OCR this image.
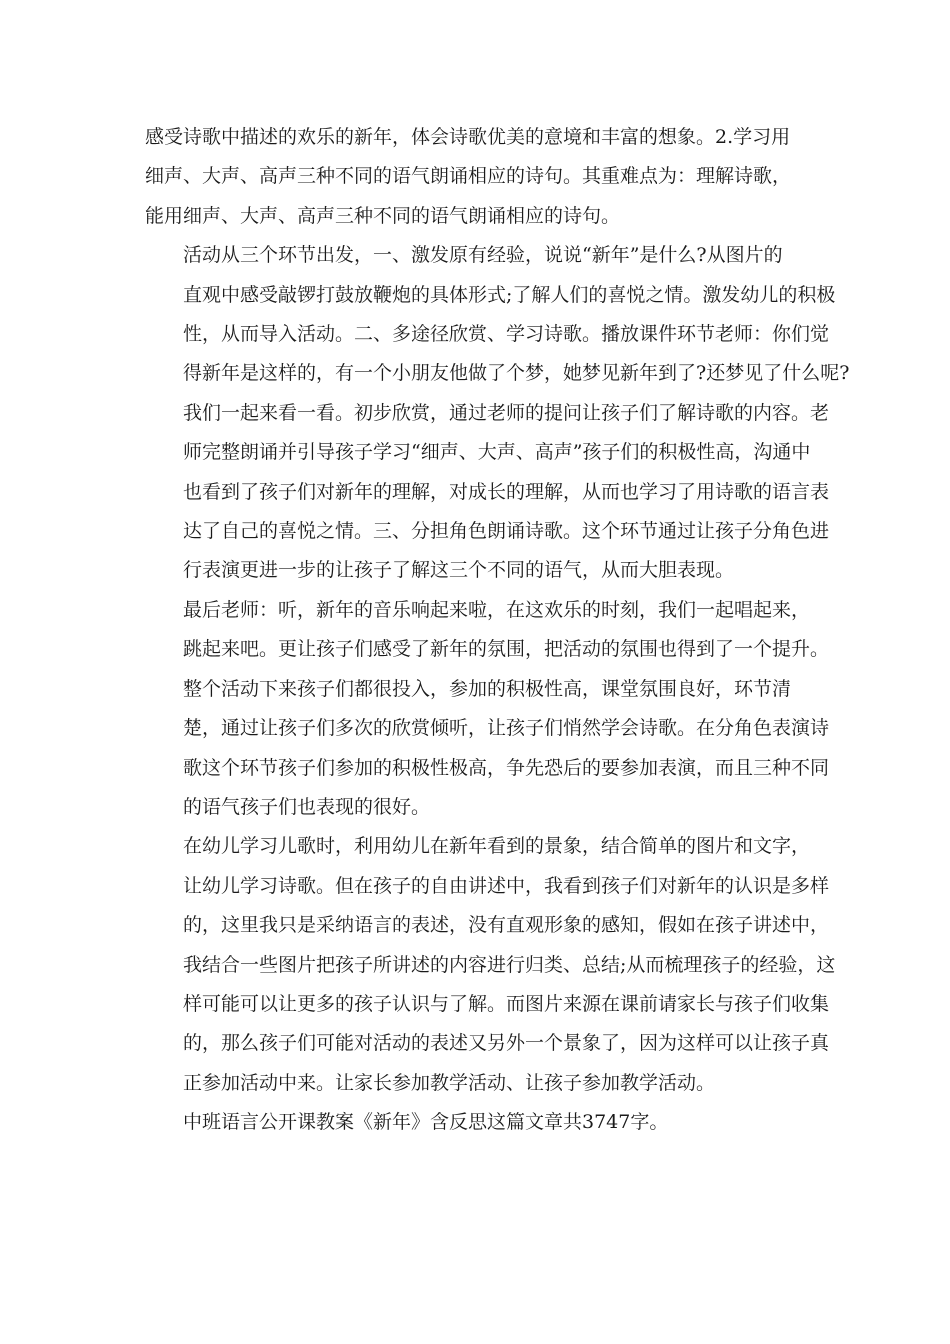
感受诗歌中描述的欢乐的新年，体会诗歌优美的意境和丰富的想象。2.学习用
细声、大声、高声三种不同的语气朗诵相应的诗句。其重难点为：理解诗歌，
能用细声、大声、高声三种不同的语气朗诵相应的诗句。

活动从三个环节出发，一、激发原有经验，说说“新年”是什么?从图片的
直观中感受敲锣打鼓放鞭炮的具体形式;了解人们的喜悦之情。激发幼儿的积极
性，从而导入活动。二、多途径欣赏、学习诗歌。播放课件环节老师：你们觉
得新年是这样的，有一个小朋友他做了个梦，她梦见新年到了?还梦见了什么呢?
我们一起来看一看。初步欣赏，通过老师的提问让孩子们了解诗歌的内容。老
师完整朗诵并引导孩子学习“细声、大声、高声”孩子们的积极性高，沟通中
也看到了孩子们对新年的理解，对成长的理解，从而也学习了用诗歌的语言表
达了自己的喜悦之情。三、分担角色朗诵诗歌。这个环节通过让孩子分角色进
行表演更进一步的让孩子了解这三个不同的语气，从而大胆表现。

最后老师：听，新年的音乐响起来啦，在这欢乐的时刻，我们一起唱起来，
跳起来吧。更让孩子们感受了新年的氛围，把活动的氛围也得到了一个提升。

整个活动下来孩子们都很投入，参加的积极性高，课堂氛围良好，环节清
楚，通过让孩子们多次的欣赏倾听，让孩子们悄然学会诗歌。在分角色表演诗
歌这个环节孩子们参加的积极性极高，争先恐后的要参加表演，而且三种不同
的语气孩子们也表现的很好。

在幼儿学习儿歌时，利用幼儿在新年看到的景象，结合简单的图片和文字，
让幼儿学习诗歌。但在孩子的自由讲述中，我看到孩子们对新年的认识是多样
的，这里我只是采纳语言的表述，没有直观形象的感知，假如在孩子讲述中，
我结合一些图片把孩子所讲述的内容进行归类、总结;从而梳理孩子的经验，这
样可能可以让更多的孩子认识与了解。而图片来源在课前请家长与孩子们收集
的，那么孩子们可能对活动的表述又另外一个景象了，因为这样可以让孩子真
正参加活动中来。让家长参加教学活动、让孩子参加教学活动。

中班语言公开课教案《新年》含反思这篇文章共3747字。
